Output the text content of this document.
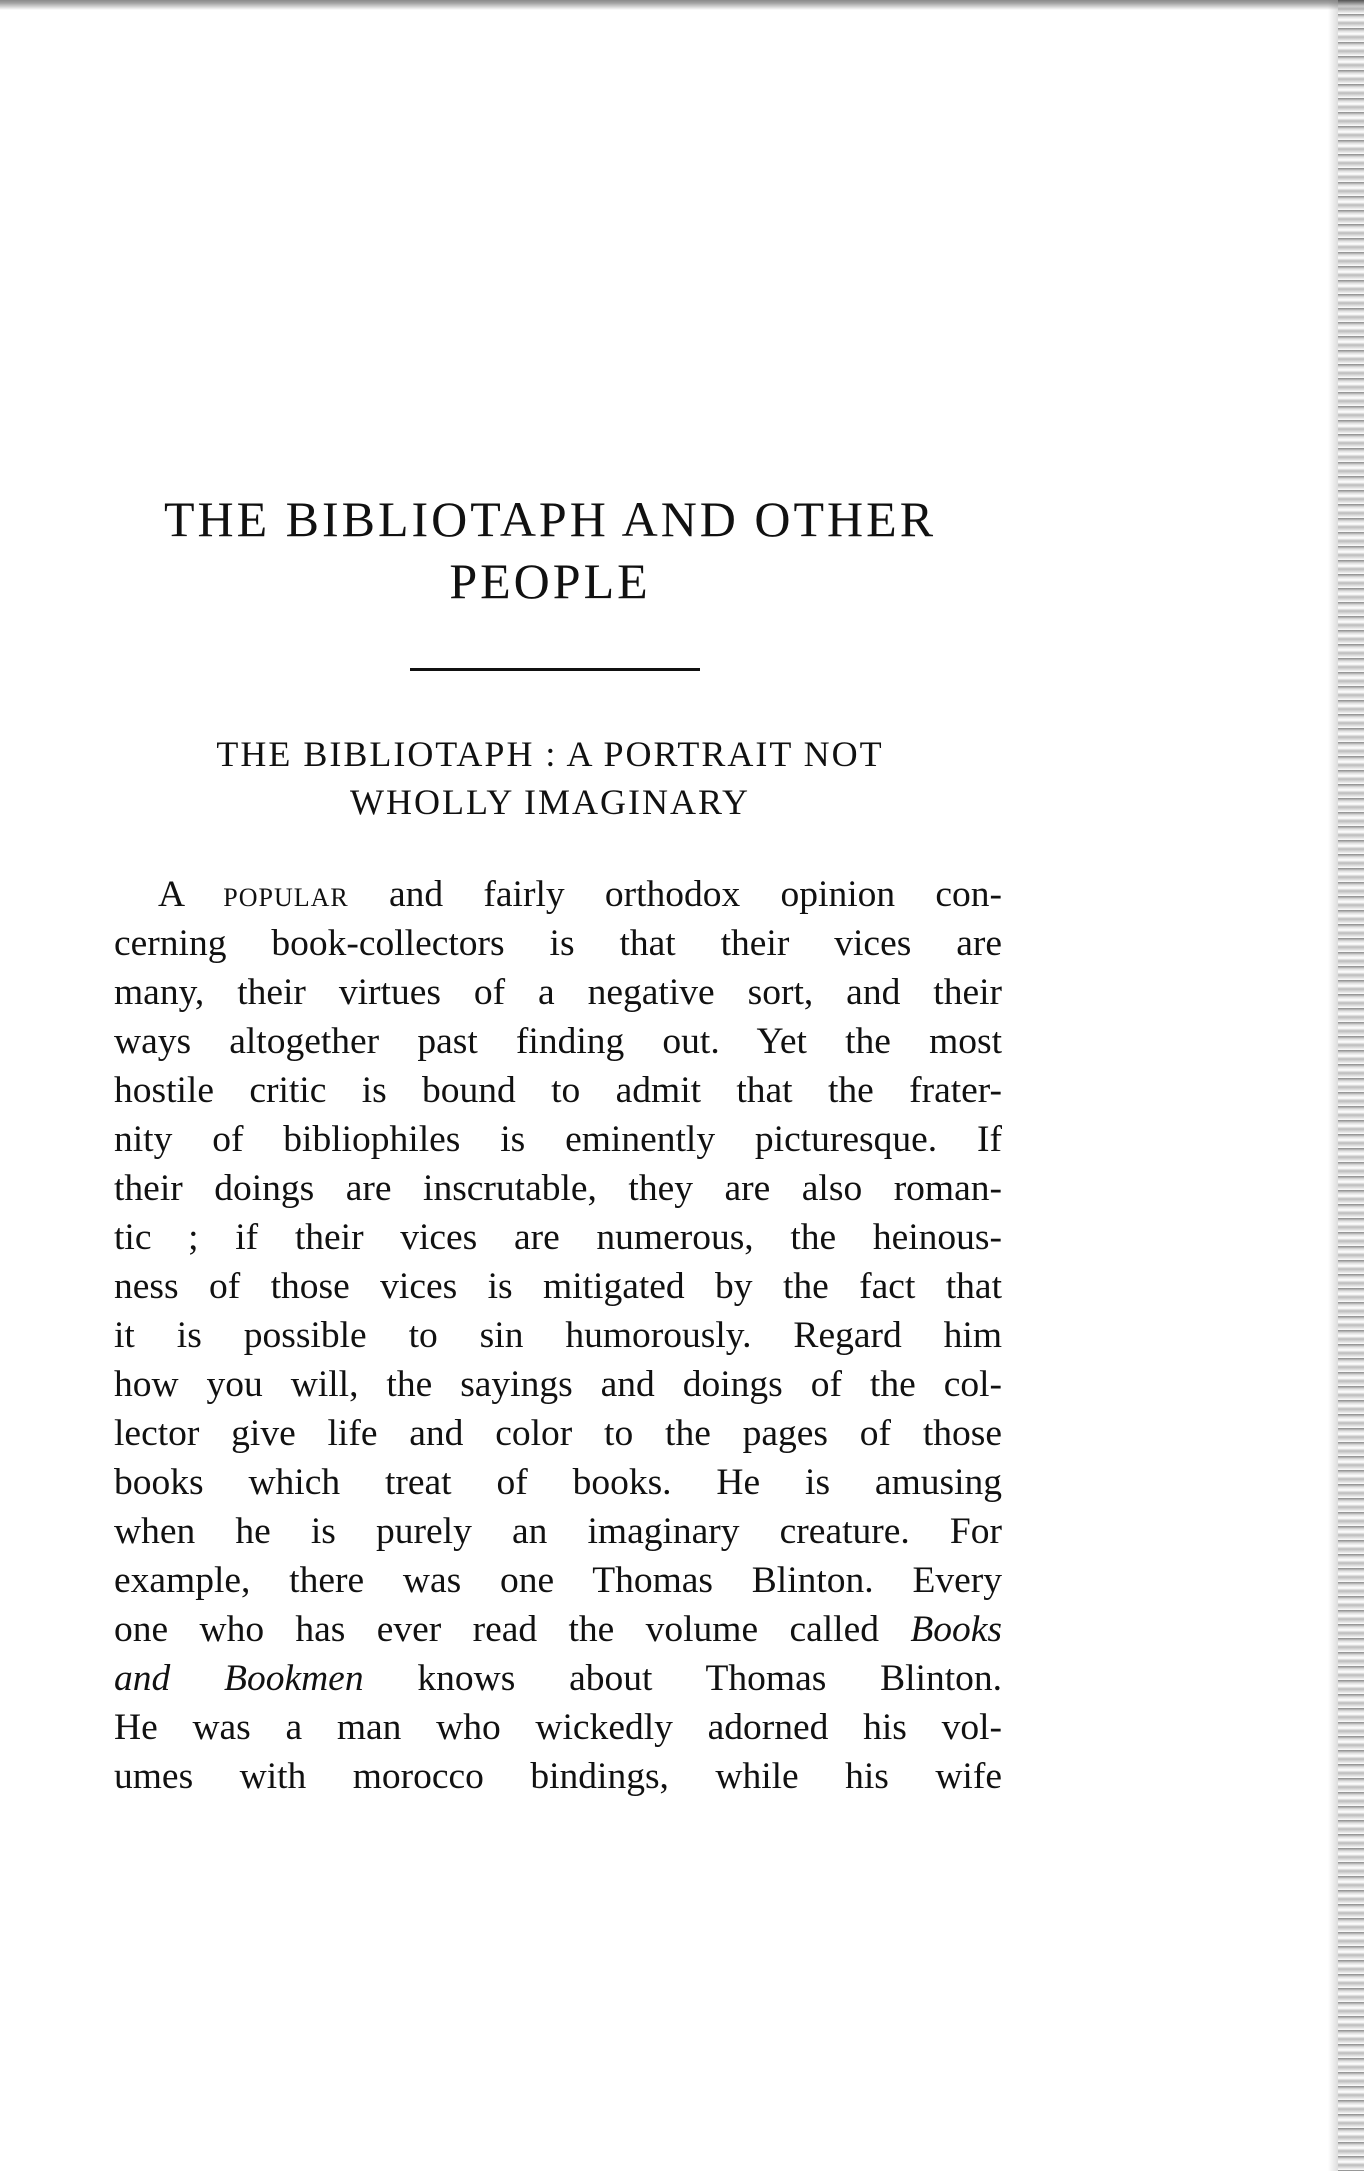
THE BIBLIOTAPH AND OTHER
PEOPLE
THE BIBLIOTAPH : A PORTRAIT NOT
WHOLLY IMAGINARY
A popular and fairly orthodox opinion con-
cerning book-collectors is that their vices are
many, their virtues of a negative sort, and their
ways altogether past finding out. Yet the most
hostile critic is bound to admit that the frater-
nity of bibliophiles is eminently picturesque. If
their doings are inscrutable, they are also roman-
tic ; if their vices are numerous, the heinous-
ness of those vices is mitigated by the fact that
it is possible to sin humorously. Regard him
how you will, the sayings and doings of the col-
lector give life and color to the pages of those
books which treat of books. He is amusing
when he is purely an imaginary creature. For
example, there was one Thomas Blinton. Every
one who has ever read the volume called Books
and Bookmen knows about Thomas Blinton.
He was a man who wickedly adorned his vol-
umes with morocco bindings, while his wife
